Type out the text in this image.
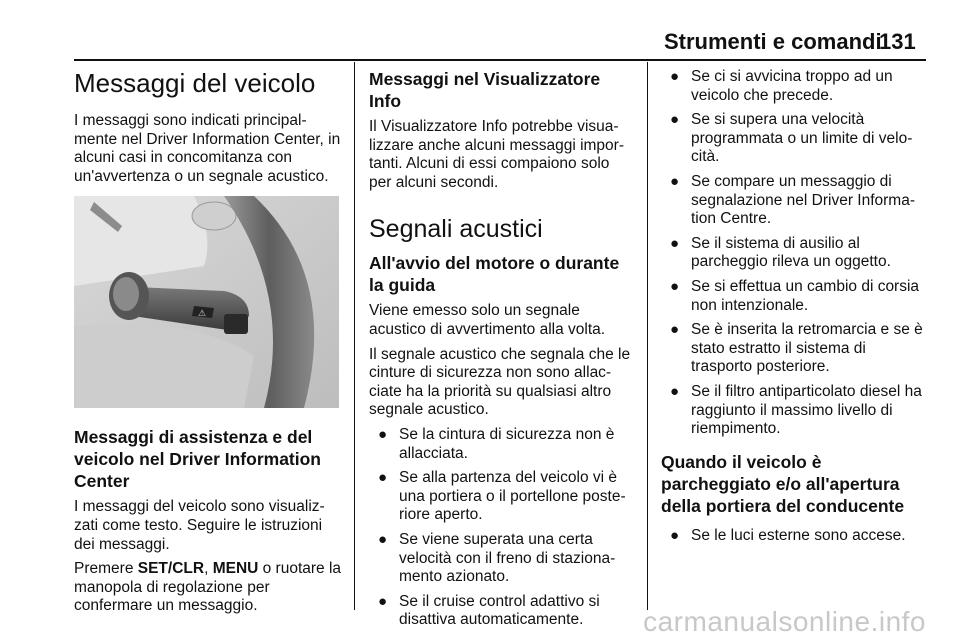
Strumenti e comandi
131
Messaggi del veicolo

I messaggi sono indicati principal- mente nel Driver Information Center, in alcuni casi in concomitanza con un'avvertenza o un segnale acustico.

⚠
Messaggi di assistenza e del veicolo nel Driver Information Center

I messaggi del veicolo sono visualiz- zati come testo. Seguire le istruzioni dei messaggi.

Premere SET/CLR, MENU o ruotare la manopola di regolazione per confermare un messaggio.

Messaggi nel Visualizzatore Info

Il Visualizzatore Info potrebbe visua- lizzare anche alcuni messaggi impor- tanti. Alcuni di essi compaiono solo per alcuni secondi.

Segnali acustici
All'avvio del motore o durante la guida

Viene emesso solo un segnale acustico di avvertimento alla volta.

Il segnale acustico che segnala che le cinture di sicurezza non sono allac- ciate ha la priorità su qualsiasi altro segnale acustico.

● Se la cintura di sicurezza non è allacciata.
● Se alla partenza del veicolo vi è una portiera o il portellone poste- riore aperto.
● Se viene superata una certa velocità con il freno di staziona- mento azionato.
● Se il cruise control adattivo si disattiva automaticamente.
● Se ci si avvicina troppo ad un veicolo che precede.
● Se si supera una velocità programmata o un limite di velo- cità.
● Se compare un messaggio di segnalazione nel Driver Informa- tion Centre.
● Se il sistema di ausilio al parcheggio rileva un oggetto.
● Se si effettua un cambio di corsia non intenzionale.
● Se è inserita la retromarcia e se è stato estratto il sistema di trasporto posteriore.
● Se il filtro antiparticolato diesel ha raggiunto il massimo livello di riempimento.
Quando il veicolo è parcheggiato e/o all'apertura della portiera del conducente
● Se le luci esterne sono accese.
carmanualsonline.info
